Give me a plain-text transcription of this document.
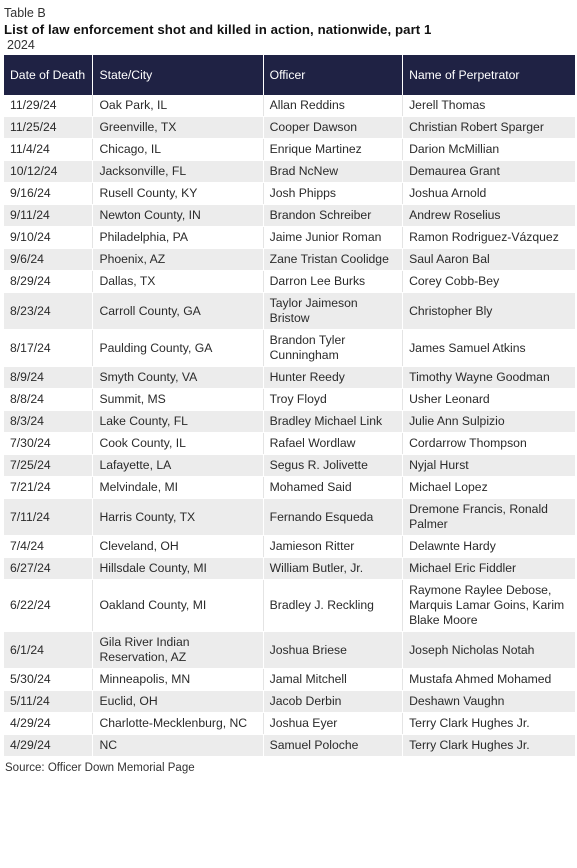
Table B
List of law enforcement shot and killed in action, nationwide, part 1
2024
Date of Death	State/City	Officer	Name of Perpetrator
11/29/24	Oak Park, IL	Allan Reddins	Jerell Thomas
11/25/24	Greenville, TX	Cooper Dawson	Christian Robert Sparger
11/4/24	Chicago, IL	Enrique Martinez	Darion McMillian
10/12/24	Jacksonville, FL	Brad NcNew	Demaurea Grant
9/16/24	Rusell County, KY	Josh Phipps	Joshua Arnold
9/11/24	Newton County, IN	Brandon Schreiber	Andrew Roselius
9/10/24	Philadelphia, PA	Jaime Junior Roman	Ramon Rodriguez-Vázquez
9/6/24	Phoenix, AZ	Zane Tristan Coolidge	Saul Aaron Bal
8/29/24	Dallas, TX	Darron Lee Burks	Corey Cobb-Bey
8/23/24	Carroll County, GA	Taylor Jaimeson Bristow	Christopher Bly
8/17/24	Paulding County, GA	Brandon Tyler Cunningham	James Samuel Atkins
8/9/24	Smyth County, VA	Hunter Reedy	Timothy Wayne Goodman
8/8/24	Summit, MS	Troy Floyd	Usher Leonard
8/3/24	Lake County, FL	Bradley Michael Link	Julie Ann Sulpizio
7/30/24	Cook County, IL	Rafael Wordlaw	Cordarrow Thompson
7/25/24	Lafayette, LA	Segus R. Jolivette	Nyjal Hurst
7/21/24	Melvindale, MI	Mohamed Said	Michael Lopez
7/11/24	Harris County, TX	Fernando Esqueda	Dremone Francis, Ronald Palmer
7/4/24	Cleveland, OH	Jamieson Ritter	Delawnte Hardy
6/27/24	Hillsdale County, MI	William Butler, Jr.	Michael Eric Fiddler
6/22/24	Oakland County, MI	Bradley J. Reckling	Raymone Raylee Debose, Marquis Lamar Goins, Karim Blake Moore
6/1/24	Gila River Indian Reservation, AZ	Joshua Briese	Joseph Nicholas Notah
5/30/24	Minneapolis, MN	Jamal Mitchell	Mustafa Ahmed Mohamed
5/11/24	Euclid, OH	Jacob Derbin	Deshawn Vaughn
4/29/24	Charlotte-Mecklenburg, NC	Joshua Eyer	Terry Clark Hughes Jr.
4/29/24	NC	Samuel Poloche	Terry Clark Hughes Jr.
Source: Officer Down Memorial Page
